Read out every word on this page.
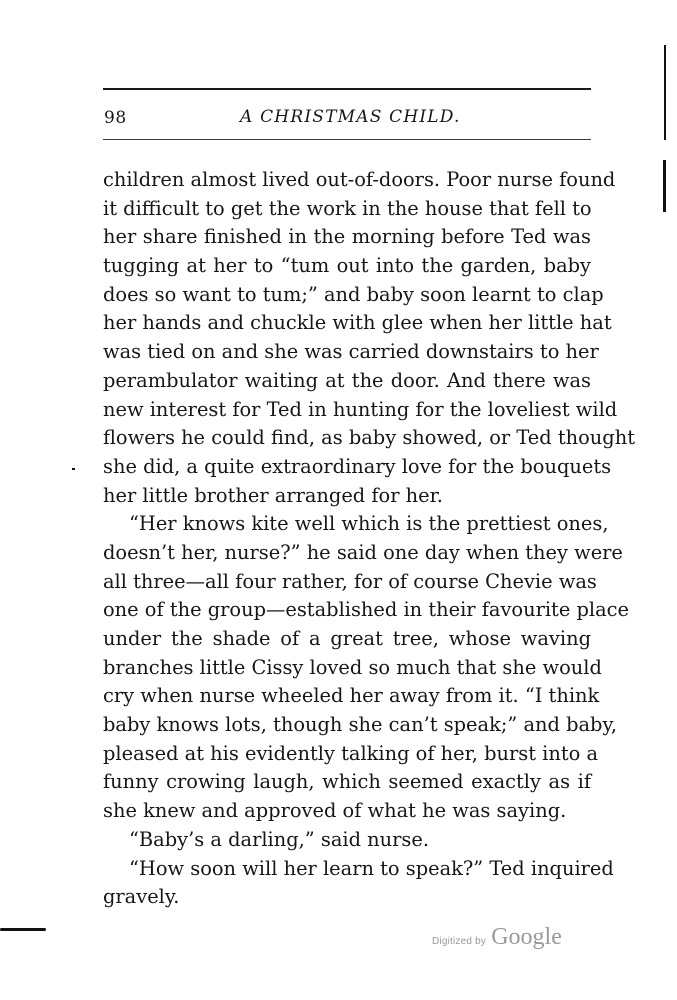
98	A CHRISTMAS CHILD.
children almost lived out-of-doors. Poor nurse found
it difficult to get the work in the house that fell to
her share finished in the morning before Ted was
tugging at her to “tum out into the garden, baby
does so want to tum;” and baby soon learnt to clap
her hands and chuckle with glee when her little hat
was tied on and she was carried downstairs to her
perambulator waiting at the door. And there was
new interest for Ted in hunting for the loveliest wild
flowers he could find, as baby showed, or Ted thought
she did, a quite extraordinary love for the bouquets
her little brother arranged for her.
“Her knows kite well which is the prettiest ones,
doesn’t her, nurse?” he said one day when they were
all three—all four rather, for of course Chevie was
one of the group—established in their favourite place
under the shade of a great tree, whose waving
branches little Cissy loved so much that she would
cry when nurse wheeled her away from it. “I think
baby knows lots, though she can’t speak;” and baby,
pleased at his evidently talking of her, burst into a
funny crowing laugh, which seemed exactly as if
she knew and approved of what he was saying.
“Baby’s a darling,” said nurse.
“How soon will her learn to speak?” Ted inquired
gravely.
Digitized by Google
